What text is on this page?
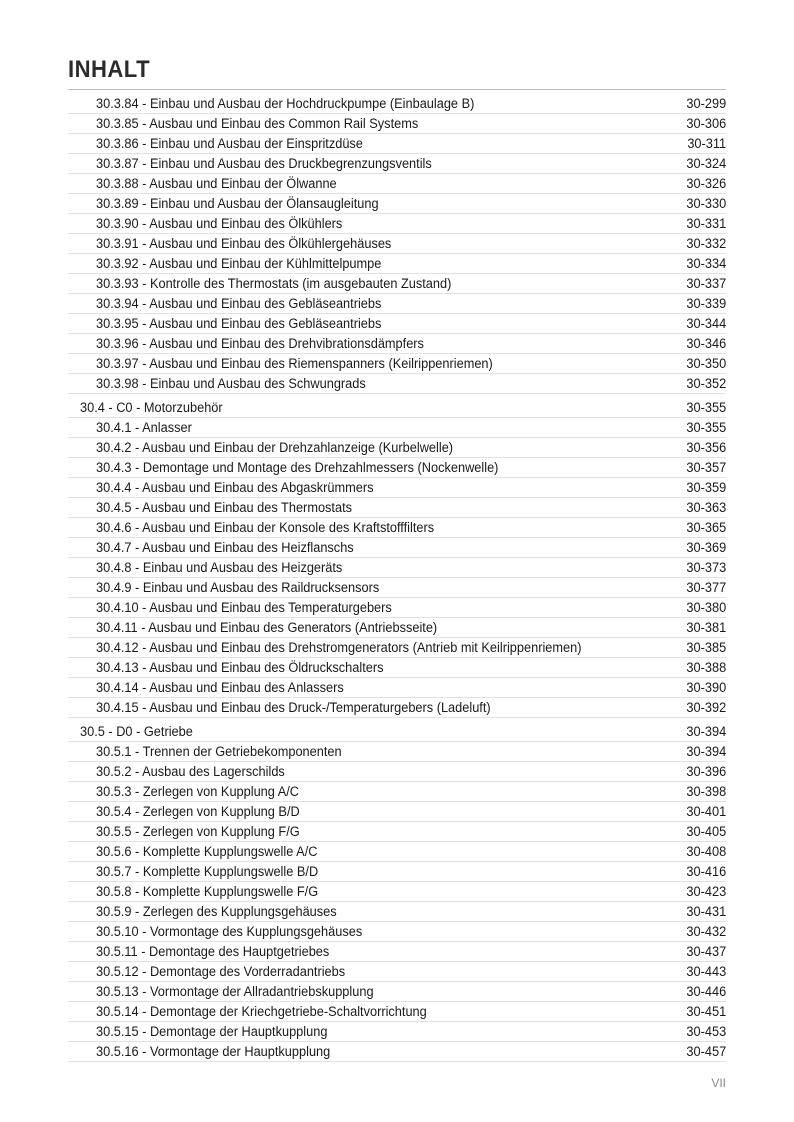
INHALT
30.3.84 - Einbau und Ausbau der Hochdruckpumpe (Einbaulage B)	30-299
30.3.85 - Ausbau und Einbau des Common Rail Systems	30-306
30.3.86 - Einbau und Ausbau der Einspritzdüse	30-311
30.3.87 - Einbau und Ausbau des Druckbegrenzungsventils	30-324
30.3.88 - Ausbau und Einbau der Ölwanne	30-326
30.3.89 - Einbau und Ausbau der Ölansaugleitung	30-330
30.3.90 - Ausbau und Einbau des Ölkühlers	30-331
30.3.91 - Ausbau und Einbau des Ölkühlergehäuses	30-332
30.3.92 - Ausbau und Einbau der Kühlmittelpumpe	30-334
30.3.93 - Kontrolle des Thermostats (im ausgebauten Zustand)	30-337
30.3.94 - Ausbau und Einbau des Gebläseantriebs	30-339
30.3.95 - Ausbau und Einbau des Gebläseantriebs	30-344
30.3.96 - Ausbau und Einbau des Drehvibrationsdämpfers	30-346
30.3.97 - Ausbau und Einbau des Riemenspanners (Keilrippenriemen)	30-350
30.3.98 - Einbau und Ausbau des Schwungrads	30-352
30.4 - C0 - Motorzubehör	30-355
30.4.1 - Anlasser	30-355
30.4.2 - Ausbau und Einbau der Drehzahlanzeige (Kurbelwelle)	30-356
30.4.3 - Demontage und Montage des Drehzahlmessers (Nockenwelle)	30-357
30.4.4 - Ausbau und Einbau des Abgaskrümmers	30-359
30.4.5 - Ausbau und Einbau des Thermostats	30-363
30.4.6 - Ausbau und Einbau der Konsole des Kraftstofffilters	30-365
30.4.7 - Ausbau und Einbau des Heizflanschs	30-369
30.4.8 - Einbau und Ausbau des Heizgeräts	30-373
30.4.9 - Einbau und Ausbau des Raildrucksensors	30-377
30.4.10 - Ausbau und Einbau des Temperaturgebers	30-380
30.4.11 - Ausbau und Einbau des Generators (Antriebsseite)	30-381
30.4.12 - Ausbau und Einbau des Drehstromgenerators (Antrieb mit Keilrippenriemen)	30-385
30.4.13 - Ausbau und Einbau des Öldruckschalters	30-388
30.4.14 - Ausbau und Einbau des Anlassers	30-390
30.4.15 - Ausbau und Einbau des Druck-/Temperaturgebers (Ladeluft)	30-392
30.5 - D0 - Getriebe	30-394
30.5.1 - Trennen der Getriebekomponenten	30-394
30.5.2 - Ausbau des Lagerschilds	30-396
30.5.3 - Zerlegen von Kupplung A/C	30-398
30.5.4 - Zerlegen von Kupplung B/D	30-401
30.5.5 - Zerlegen von Kupplung F/G	30-405
30.5.6 - Komplette Kupplungswelle A/C	30-408
30.5.7 - Komplette Kupplungswelle B/D	30-416
30.5.8 - Komplette Kupplungswelle F/G	30-423
30.5.9 - Zerlegen des Kupplungsgehäuses	30-431
30.5.10 - Vormontage des Kupplungsgehäuses	30-432
30.5.11 - Demontage des Hauptgetriebes	30-437
30.5.12 - Demontage des Vorderradantriebs	30-443
30.5.13 - Vormontage der Allradantriebskupplung	30-446
30.5.14 - Demontage der Kriechgetriebe-Schaltvorrichtung	30-451
30.5.15 - Demontage der Hauptkupplung	30-453
30.5.16 - Vormontage der Hauptkupplung	30-457
VII
